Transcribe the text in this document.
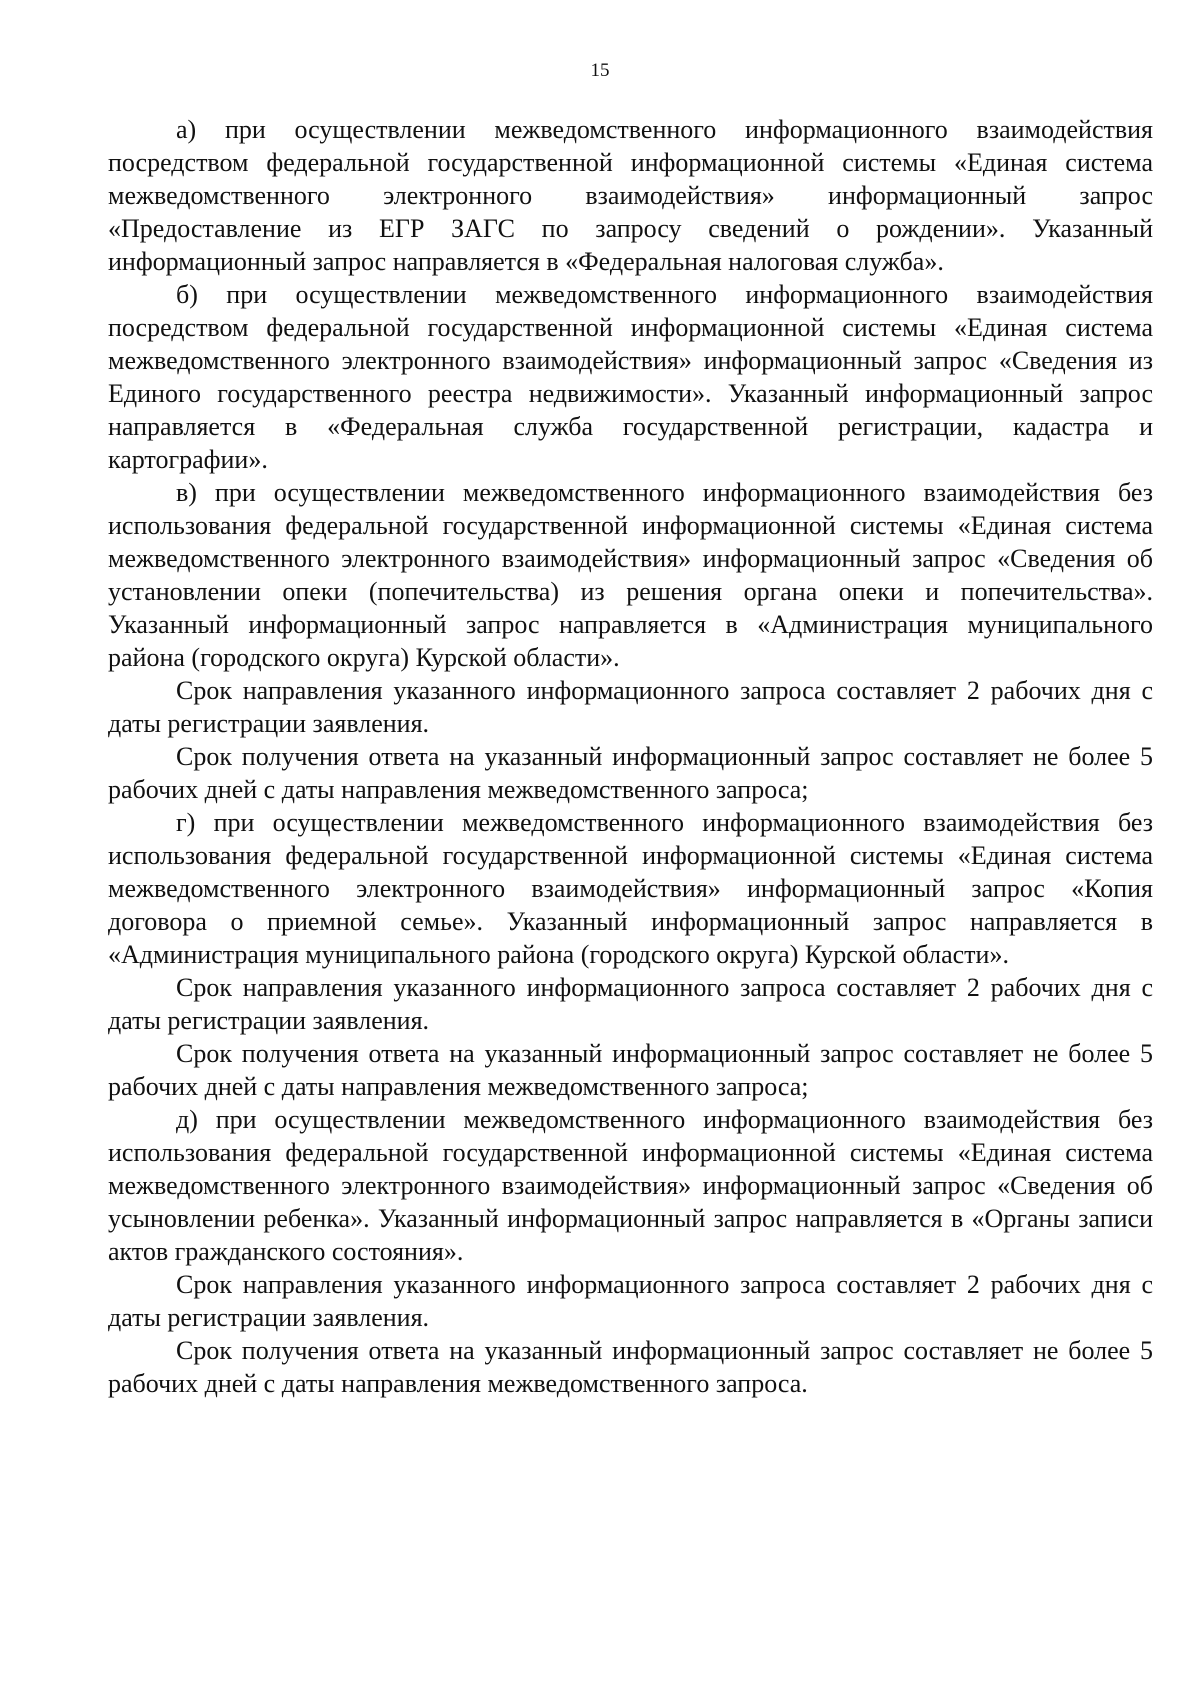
15

а) при осуществлении межведомственного информационного взаимодействия посредством федеральной государственной информационной системы «Единая система межведомственного электронного взаимодействия» информационный запрос «Предоставление из ЕГР ЗАГС по запросу сведений о рождении». Указанный информационный запрос направляется в «Федеральная налоговая служба».

б) при осуществлении межведомственного информационного взаимодействия посредством федеральной государственной информационной системы «Единая система межведомственного электронного взаимодействия» информационный запрос «Сведения из Единого государственного реестра недвижимости». Указанный информационный запрос направляется в «Федеральная служба государственной регистрации, кадастра и картографии».

в) при осуществлении межведомственного информационного взаимодействия без использования федеральной государственной информационной системы «Единая система межведомственного электронного взаимодействия» информационный запрос «Сведения об установлении опеки (попечительства) из решения органа опеки и попечительства». Указанный информационный запрос направляется в «Администрация муниципального района (городского округа) Курской области».

Срок направления указанного информационного запроса составляет 2 рабочих дня с даты регистрации заявления.

Срок получения ответа на указанный информационный запрос составляет не более 5 рабочих дней с даты направления межведомственного запроса;

г) при осуществлении межведомственного информационного взаимодействия без использования федеральной государственной информационной системы «Единая система межведомственного электронного взаимодействия» информационный запрос «Копия договора о приемной семье». Указанный информационный запрос направляется в «Администрация муниципального района (городского округа) Курской области».

Срок направления указанного информационного запроса составляет 2 рабочих дня с даты регистрации заявления.

Срок получения ответа на указанный информационный запрос составляет не более 5 рабочих дней с даты направления межведомственного запроса;

д) при осуществлении межведомственного информационного взаимодействия без использования федеральной государственной информационной системы «Единая система межведомственного электронного взаимодействия» информационный запрос «Сведения об усыновлении ребенка». Указанный информационный запрос направляется в «Органы записи актов гражданского состояния».

Срок направления указанного информационного запроса составляет 2 рабочих дня с даты регистрации заявления.

Срок получения ответа на указанный информационный запрос составляет не более 5 рабочих дней с даты направления межведомственного запроса.
